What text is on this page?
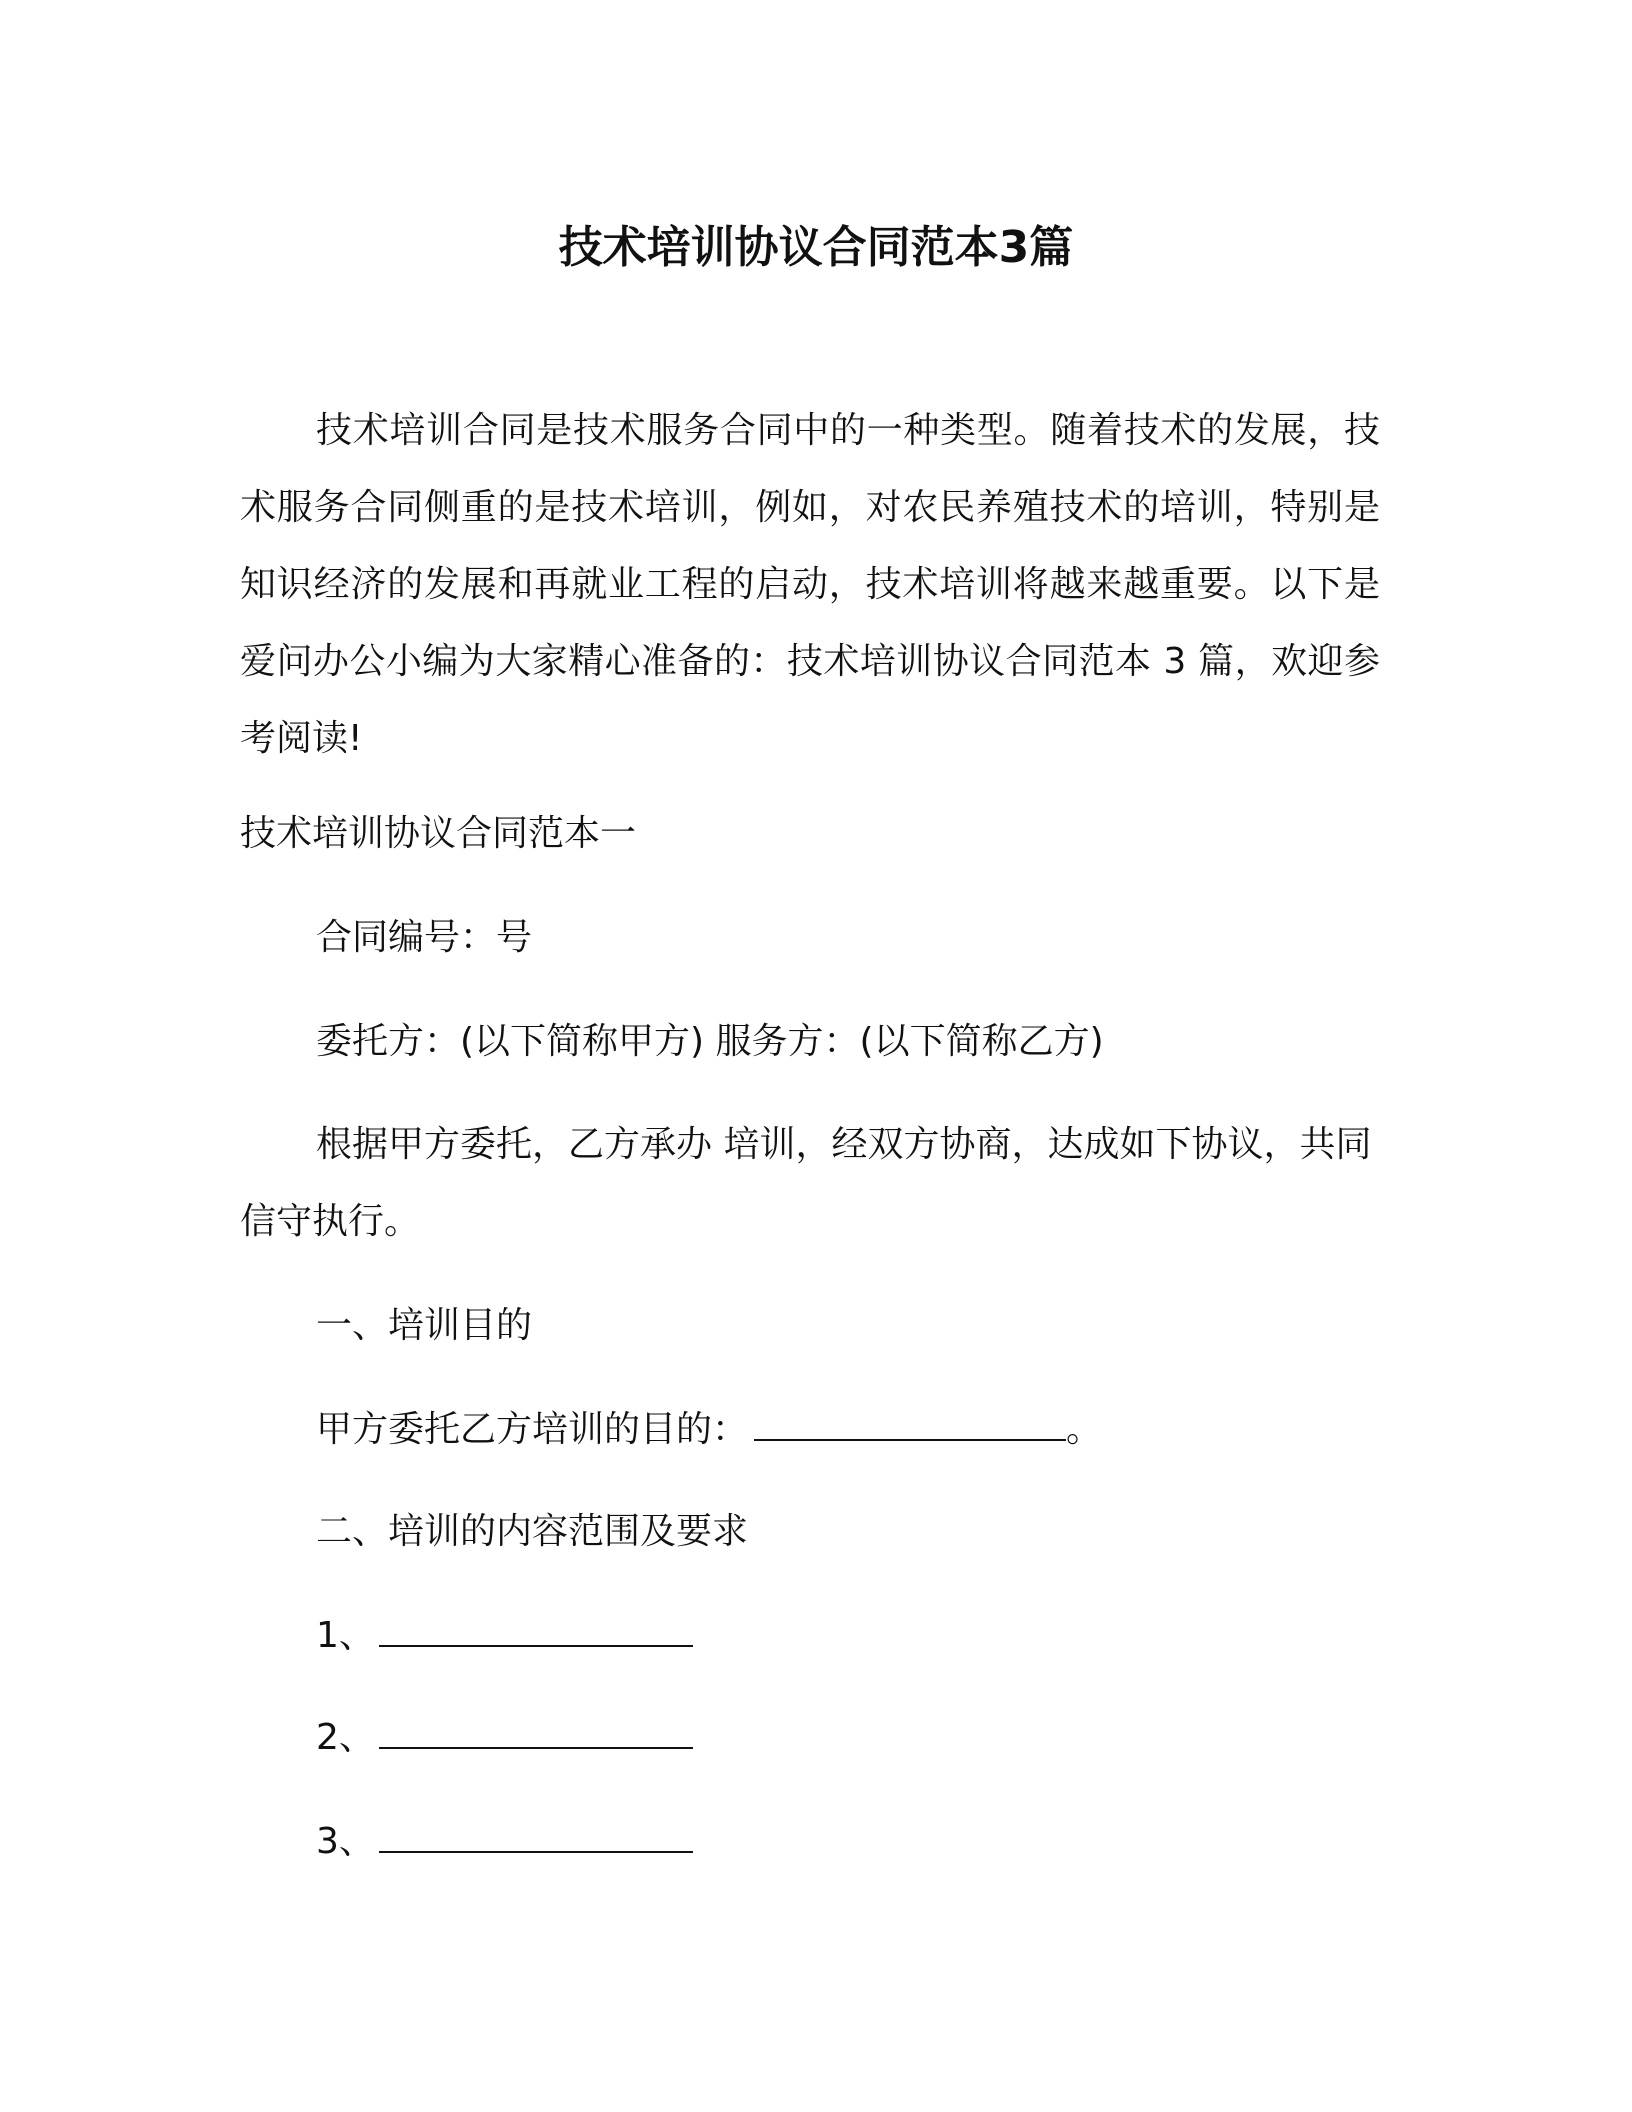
技术培训协议合同范本3篇

技术培训合同是技术服务合同中的一种类型。随着技术的发展，技术服务合同侧重的是技术培训，例如，对农民养殖技术的培训，特别是知识经济的发展和再就业工程的启动，技术培训将越来越重要。以下是爱问办公小编为大家精心准备的：技术培训协议合同范本 3 篇，欢迎参考阅读!

技术培训协议合同范本一

合同编号：号

委托方：(以下简称甲方) 服务方：(以下简称乙方)

根据甲方委托，乙方承办 培训，经双方协商，达成如下协议，共同信守执行。

一、培训目的

甲方委托乙方培训的目的：	。

二、培训的内容范围及要求

1、

2、

3、
